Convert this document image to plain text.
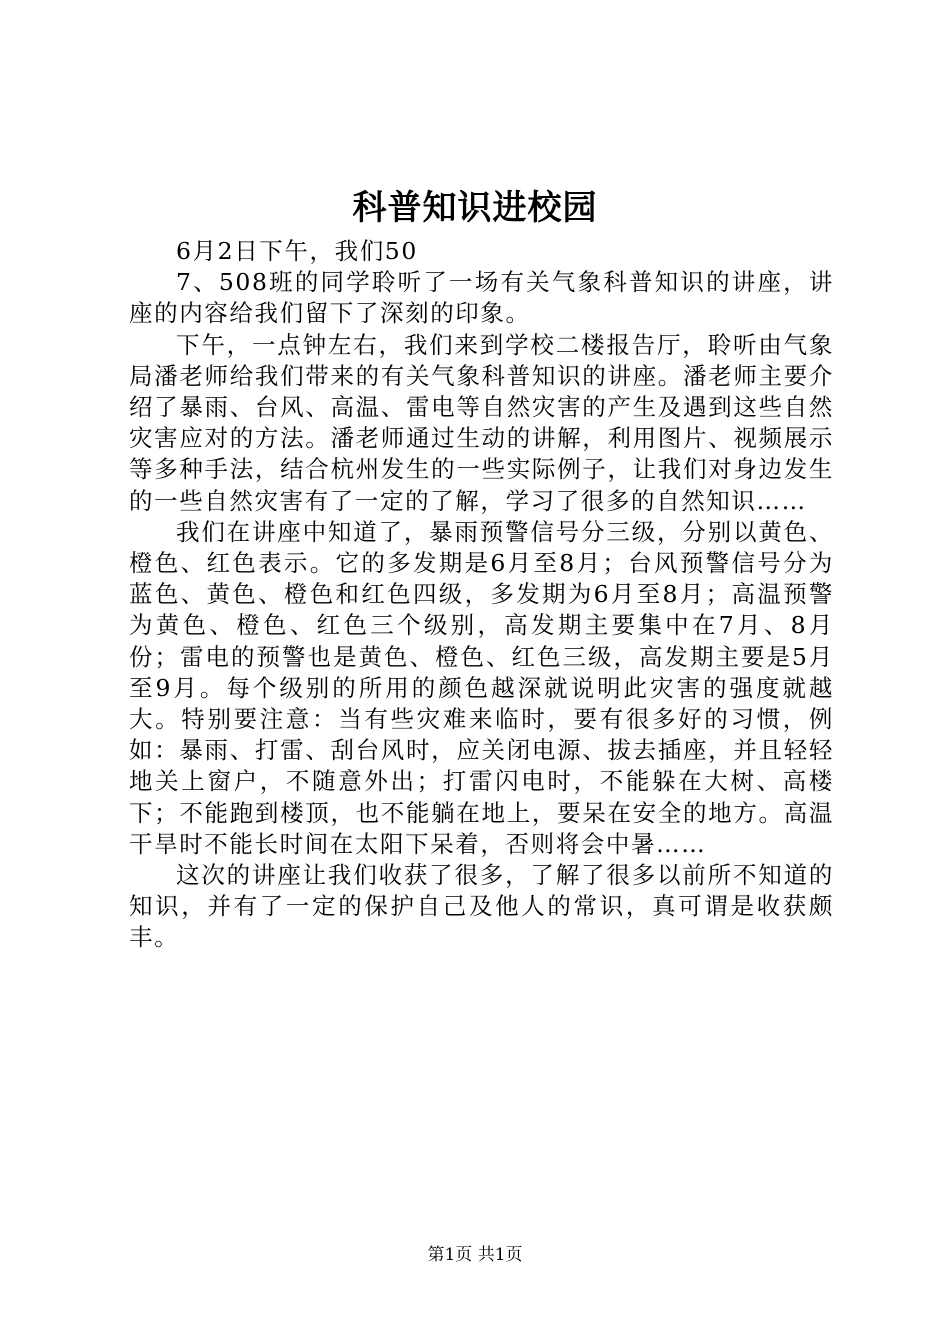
科普知识进校园

6月2日下午，我们50

7、508班的同学聆听了一场有关气象科普知识的讲座，讲座的内容给我们留下了深刻的印象。

下午，一点钟左右，我们来到学校二楼报告厅，聆听由气象局潘老师给我们带来的有关气象科普知识的讲座。潘老师主要介绍了暴雨、台风、高温、雷电等自然灾害的产生及遇到这些自然灾害应对的方法。潘老师通过生动的讲解，利用图片、视频展示等多种手法，结合杭州发生的一些实际例子，让我们对身边发生的一些自然灾害有了一定的了解，学习了很多的自然知识……

我们在讲座中知道了，暴雨预警信号分三级，分别以黄色、橙色、红色表示。它的多发期是6月至8月；台风预警信号分为蓝色、黄色、橙色和红色四级，多发期为6月至8月；高温预警为黄色、橙色、红色三个级别，高发期主要集中在7月、8月份；雷电的预警也是黄色、橙色、红色三级，高发期主要是5月至9月。每个级别的所用的颜色越深就说明此灾害的强度就越大。特别要注意：当有些灾难来临时，要有很多好的习惯，例如：暴雨、打雷、刮台风时，应关闭电源、拔去插座，并且轻轻地关上窗户，不随意外出；打雷闪电时，不能躲在大树、高楼下；不能跑到楼顶，也不能躺在地上，要呆在安全的地方。高温干旱时不能长时间在太阳下呆着，否则将会中暑……

这次的讲座让我们收获了很多，了解了很多以前所不知道的知识，并有了一定的保护自己及他人的常识，真可谓是收获颇丰。

第1页 共1页
